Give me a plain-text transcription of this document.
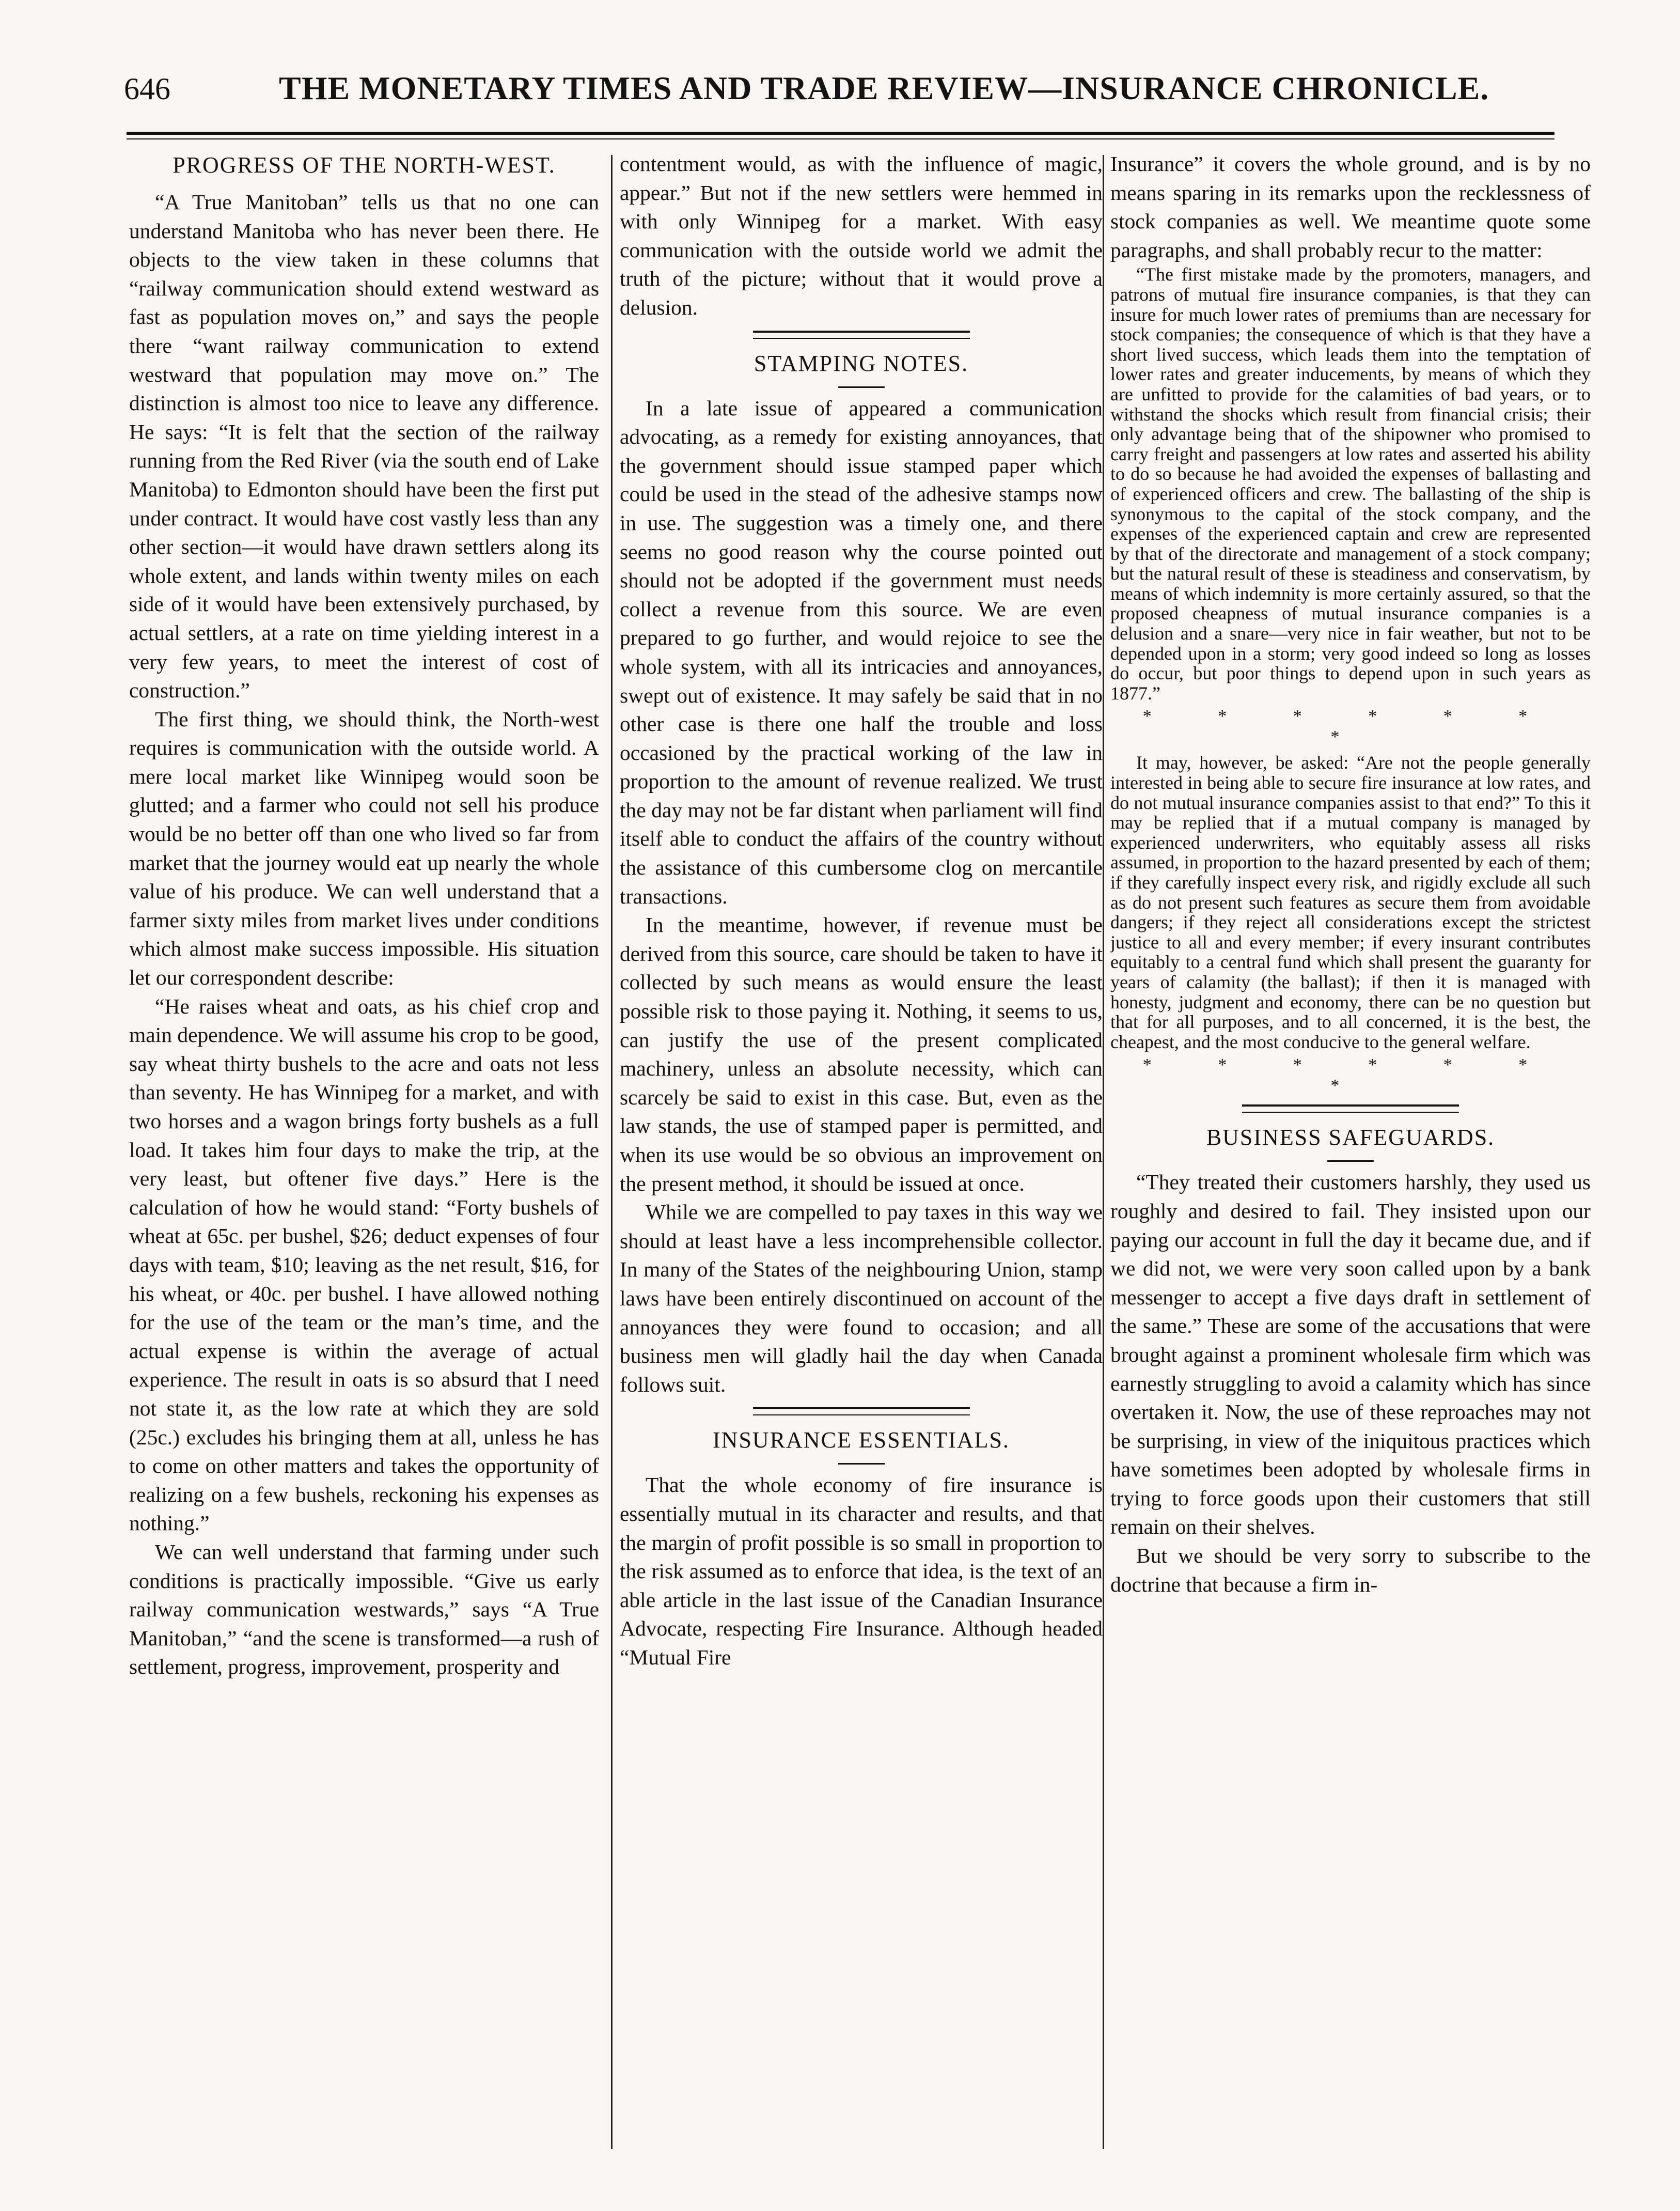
646	THE MONETARY TIMES AND TRADE REVIEW—INSURANCE CHRONICLE.
PROGRESS OF THE NORTH-WEST.

“A True Manitoban” tells us that no one can understand Manitoba who has never been there. He objects to the view taken in these columns that “railway communication should extend westward as fast as population moves on,” and says the people there “want railway communication to extend westward that population may move on.” The distinction is almost too nice to leave any difference. He says: “It is felt that the section of the railway running from the Red River (via the south end of Lake Manitoba) to Edmonton should have been the first put under contract. It would have cost vastly less than any other section—it would have drawn settlers along its whole extent, and lands within twenty miles on each side of it would have been extensively purchased, by actual settlers, at a rate on time yielding interest in a very few years, to meet the interest of cost of construction.”

The first thing, we should think, the North-west requires is communication with the outside world. A mere local market like Winnipeg would soon be glutted; and a farmer who could not sell his produce would be no better off than one who lived so far from market that the journey would eat up nearly the whole value of his produce. We can well understand that a farmer sixty miles from market lives under conditions which almost make success impossible. His situation let our correspondent describe:

“He raises wheat and oats, as his chief crop and main dependence. We will assume his crop to be good, say wheat thirty bushels to the acre and oats not less than seventy. He has Winnipeg for a market, and with two horses and a wagon brings forty bushels as a full load. It takes him four days to make the trip, at the very least, but oftener five days.” Here is the calculation of how he would stand: “Forty bushels of wheat at 65c. per bushel, $26; deduct expenses of four days with team, $10; leaving as the net result, $16, for his wheat, or 40c. per bushel. I have allowed nothing for the use of the team or the man’s time, and the actual expense is within the average of actual experience. The result in oats is so absurd that I need not state it, as the low rate at which they are sold (25c.) excludes his bringing them at all, unless he has to come on other matters and takes the opportunity of realizing on a few bushels, reckoning his expenses as nothing.”

We can well understand that farming under such conditions is practically impossible. “Give us early railway communication westwards,” says “A True Manitoban,” “and the scene is transformed—a rush of settlement, progress, improvement, prosperity and

contentment would, as with the influence of magic, appear.” But not if the new settlers were hemmed in with only Winnipeg for a market. With easy communication with the outside world we admit the truth of the picture; without that it would prove a delusion.

STAMPING NOTES.

In a late issue of appeared a communication advocating, as a remedy for existing annoyances, that the government should issue stamped paper which could be used in the stead of the adhesive stamps now in use. The suggestion was a timely one, and there seems no good reason why the course pointed out should not be adopted if the government must needs collect a revenue from this source. We are even prepared to go further, and would rejoice to see the whole system, with all its intricacies and annoyances, swept out of existence. It may safely be said that in no other case is there one half the trouble and loss occasioned by the practical working of the law in proportion to the amount of revenue realized. We trust the day may not be far distant when parliament will find itself able to conduct the affairs of the country without the assistance of this cumbersome clog on mercantile transactions.

In the meantime, however, if revenue must be derived from this source, care should be taken to have it collected by such means as would ensure the least possible risk to those paying it. Nothing, it seems to us, can justify the use of the present complicated machinery, unless an absolute necessity, which can scarcely be said to exist in this case. But, even as the law stands, the use of stamped paper is permitted, and when its use would be so obvious an improvement on the present method, it should be issued at once.

While we are compelled to pay taxes in this way we should at least have a less incomprehensible collector. In many of the States of the neighbouring Union, stamp laws have been entirely discontinued on account of the annoyances they were found to occasion; and all business men will gladly hail the day when Canada follows suit.

INSURANCE ESSENTIALS.

That the whole economy of fire insurance is essentially mutual in its character and results, and that the margin of profit possible is so small in proportion to the risk assumed as to enforce that idea, is the text of an able article in the last issue of the Canadian Insurance Advocate, respecting Fire Insurance. Although headed “Mutual Fire

Insurance” it covers the whole ground, and is by no means sparing in its remarks upon the recklessness of stock companies as well. We meantime quote some paragraphs, and shall probably recur to the matter:

“The first mistake made by the promoters, managers, and patrons of mutual fire insurance companies, is that they can insure for much lower rates of premiums than are necessary for stock companies; the consequence of which is that they have a short lived success, which leads them into the temptation of lower rates and greater inducements, by means of which they are unfitted to provide for the calamities of bad years, or to withstand the shocks which result from financial crisis; their only advantage being that of the shipowner who promised to carry freight and passengers at low rates and asserted his ability to do so because he had avoided the expenses of ballasting and of experienced officers and crew. The ballasting of the ship is synonymous to the capital of the stock company, and the expenses of the experienced captain and crew are represented by that of the directorate and management of a stock company; but the natural result of these is steadiness and conservatism, by means of which indemnity is more certainly assured, so that the proposed cheapness of mutual insurance companies is a delusion and a snare—very nice in fair weather, but not to be depended upon in a storm; very good indeed so long as losses do occur, but poor things to depend upon in such years as 1877.”

* * * * * * *

It may, however, be asked: “Are not the people generally interested in being able to secure fire insurance at low rates, and do not mutual insurance companies assist to that end?” To this it may be replied that if a mutual company is managed by experienced underwriters, who equitably assess all risks assumed, in proportion to the hazard presented by each of them; if they carefully inspect every risk, and rigidly exclude all such as do not present such features as secure them from avoidable dangers; if they reject all considerations except the strictest justice to all and every member; if every insurant contributes equitably to a central fund which shall present the guaranty for years of calamity (the ballast); if then it is managed with honesty, judgment and economy, there can be no question but that for all purposes, and to all concerned, it is the best, the cheapest, and the most conducive to the general welfare.

* * * * * * *
BUSINESS SAFEGUARDS.

“They treated their customers harshly, they used us roughly and desired to fail. They insisted upon our paying our account in full the day it became due, and if we did not, we were very soon called upon by a bank messenger to accept a five days draft in settlement of the same.” These are some of the accusations that were brought against a prominent wholesale firm which was earnestly struggling to avoid a calamity which has since overtaken it. Now, the use of these reproaches may not be surprising, in view of the iniquitous practices which have sometimes been adopted by wholesale firms in trying to force goods upon their customers that still remain on their shelves.

But we should be very sorry to subscribe to the doctrine that because a firm in-
